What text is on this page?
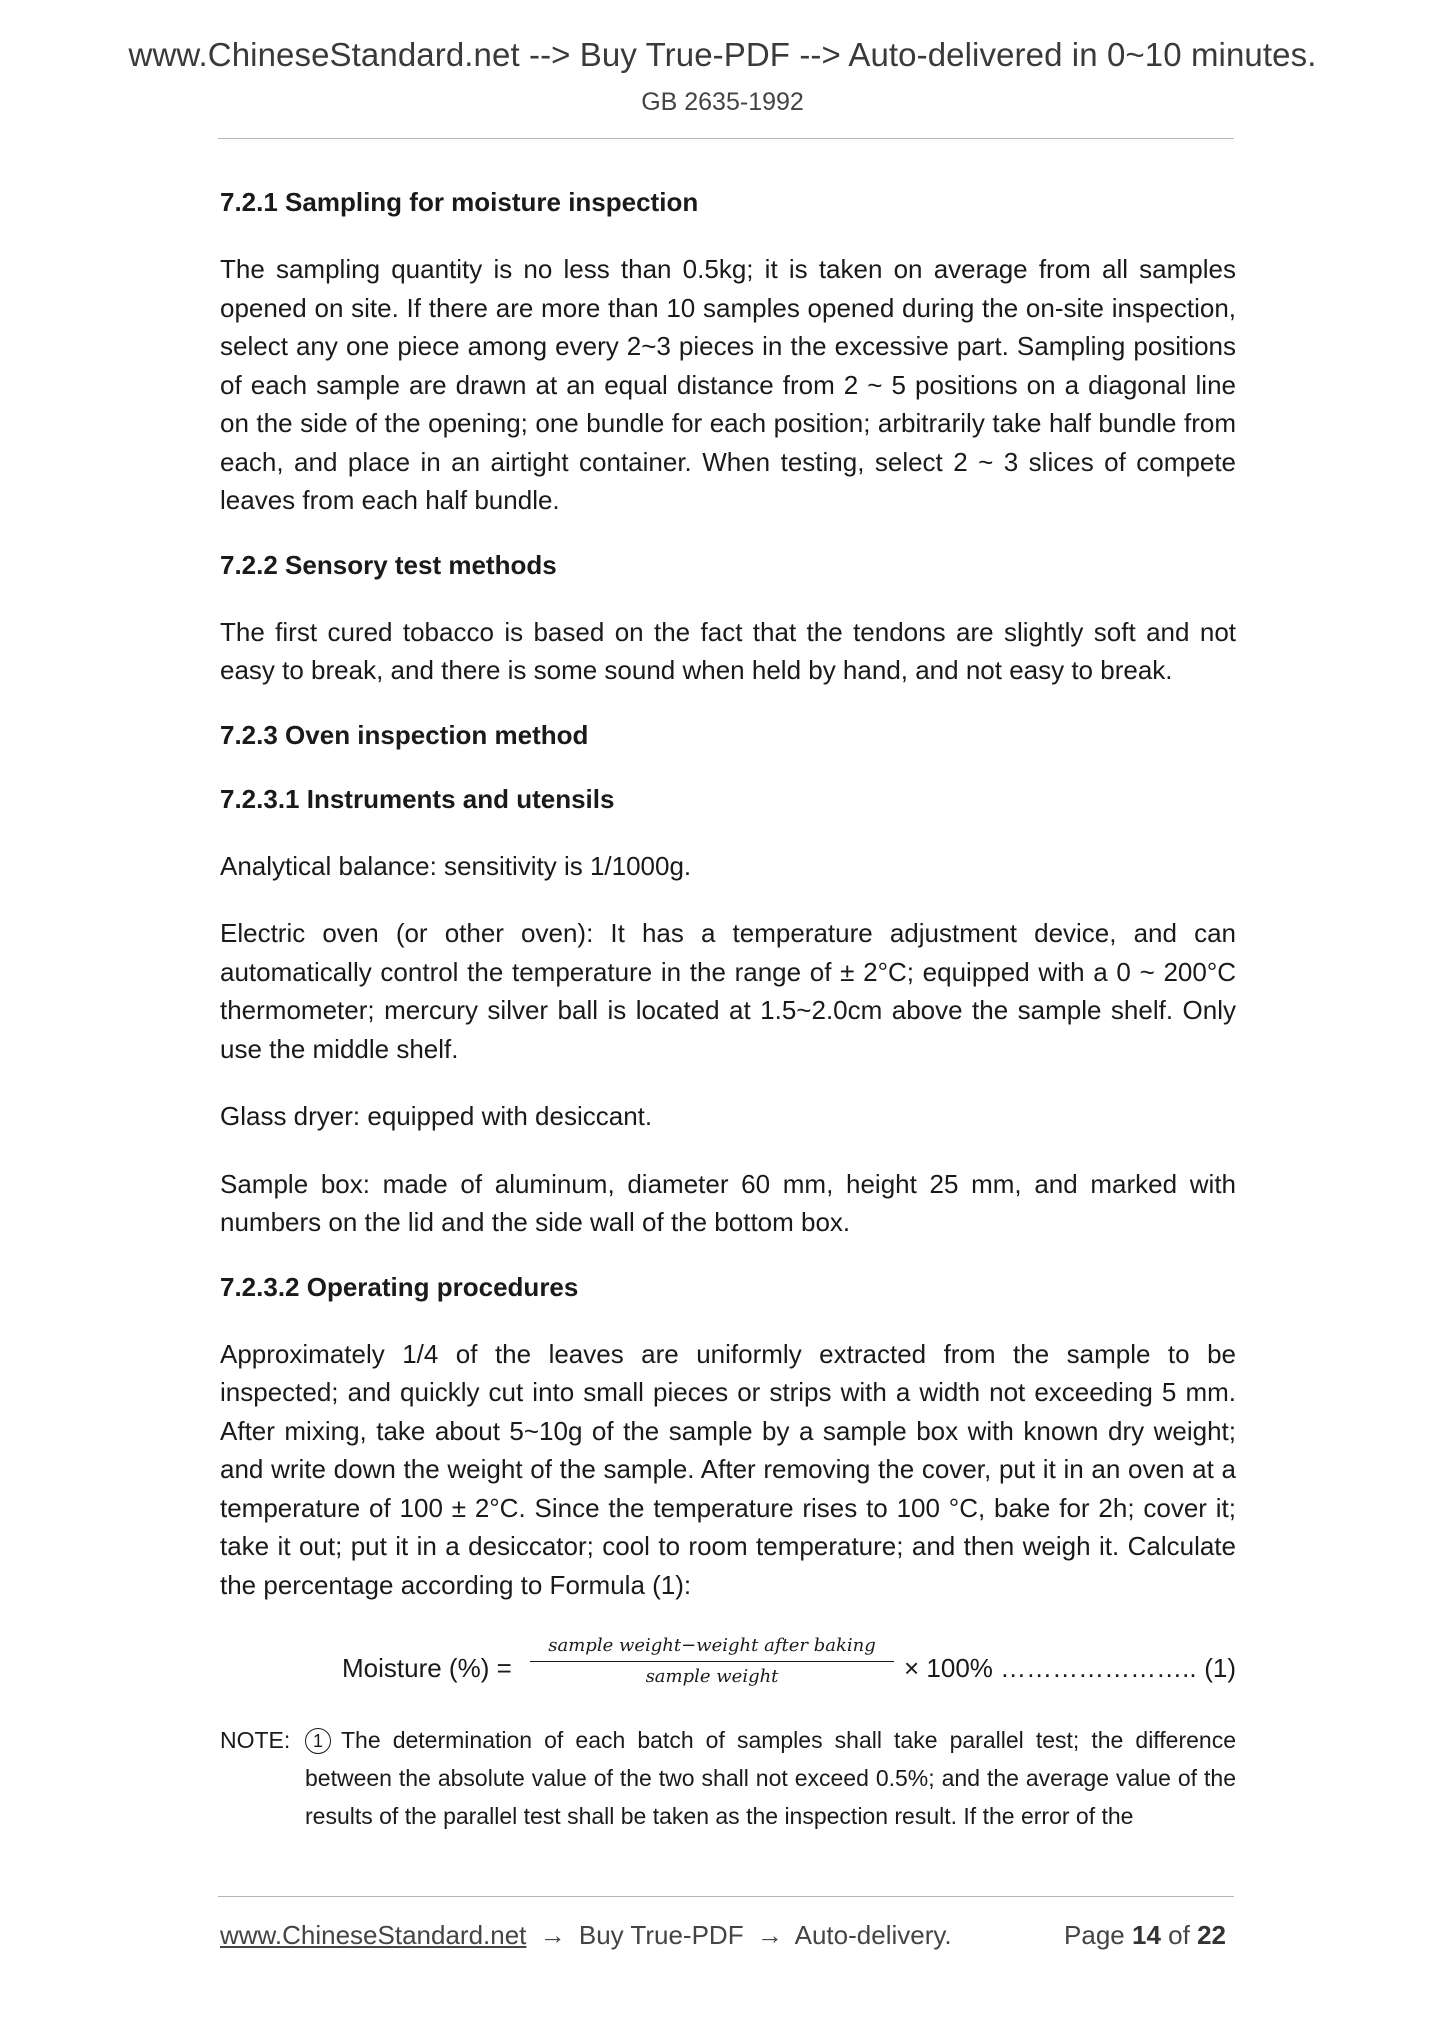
www.ChineseStandard.net --> Buy True-PDF --> Auto-delivered in 0~10 minutes.
GB 2635-1992
7.2.1 Sampling for moisture inspection
The sampling quantity is no less than 0.5kg; it is taken on average from all samples opened on site. If there are more than 10 samples opened during the on-site inspection, select any one piece among every 2~3 pieces in the excessive part. Sampling positions of each sample are drawn at an equal distance from 2 ~ 5 positions on a diagonal line on the side of the opening; one bundle for each position; arbitrarily take half bundle from each, and place in an airtight container. When testing, select 2 ~ 3 slices of compete leaves from each half bundle.
7.2.2 Sensory test methods
The first cured tobacco is based on the fact that the tendons are slightly soft and not easy to break, and there is some sound when held by hand, and not easy to break.
7.2.3 Oven inspection method
7.2.3.1 Instruments and utensils
Analytical balance: sensitivity is 1/1000g.
Electric oven (or other oven): It has a temperature adjustment device, and can automatically control the temperature in the range of ± 2°C; equipped with a 0 ~ 200°C thermometer; mercury silver ball is located at 1.5~2.0cm above the sample shelf. Only use the middle shelf.
Glass dryer: equipped with desiccant.
Sample box: made of aluminum, diameter 60 mm, height 25 mm, and marked with numbers on the lid and the side wall of the bottom box.
7.2.3.2 Operating procedures
Approximately 1/4 of the leaves are uniformly extracted from the sample to be inspected; and quickly cut into small pieces or strips with a width not exceeding 5 mm. After mixing, take about 5~10g of the sample by a sample box with known dry weight; and write down the weight of the sample. After removing the cover, put it in an oven at a temperature of 100 ± 2°C. Since the temperature rises to 100 °C, bake for 2h; cover it; take it out; put it in a desiccator; cool to room temperature; and then weigh it. Calculate the percentage according to Formula (1):
Moisture (%) =
sample weight−weight after baking
sample weight	× 100% ………………….. (1)
NOTE:	1 The determination of each batch of samples shall take parallel test; the difference between the absolute value of the two shall not exceed 0.5%; and the average value of the results of the parallel test shall be taken as the inspection result. If the error of the
www.ChineseStandard.net → Buy True-PDF → Auto-delivery.	Page 14 of 22
